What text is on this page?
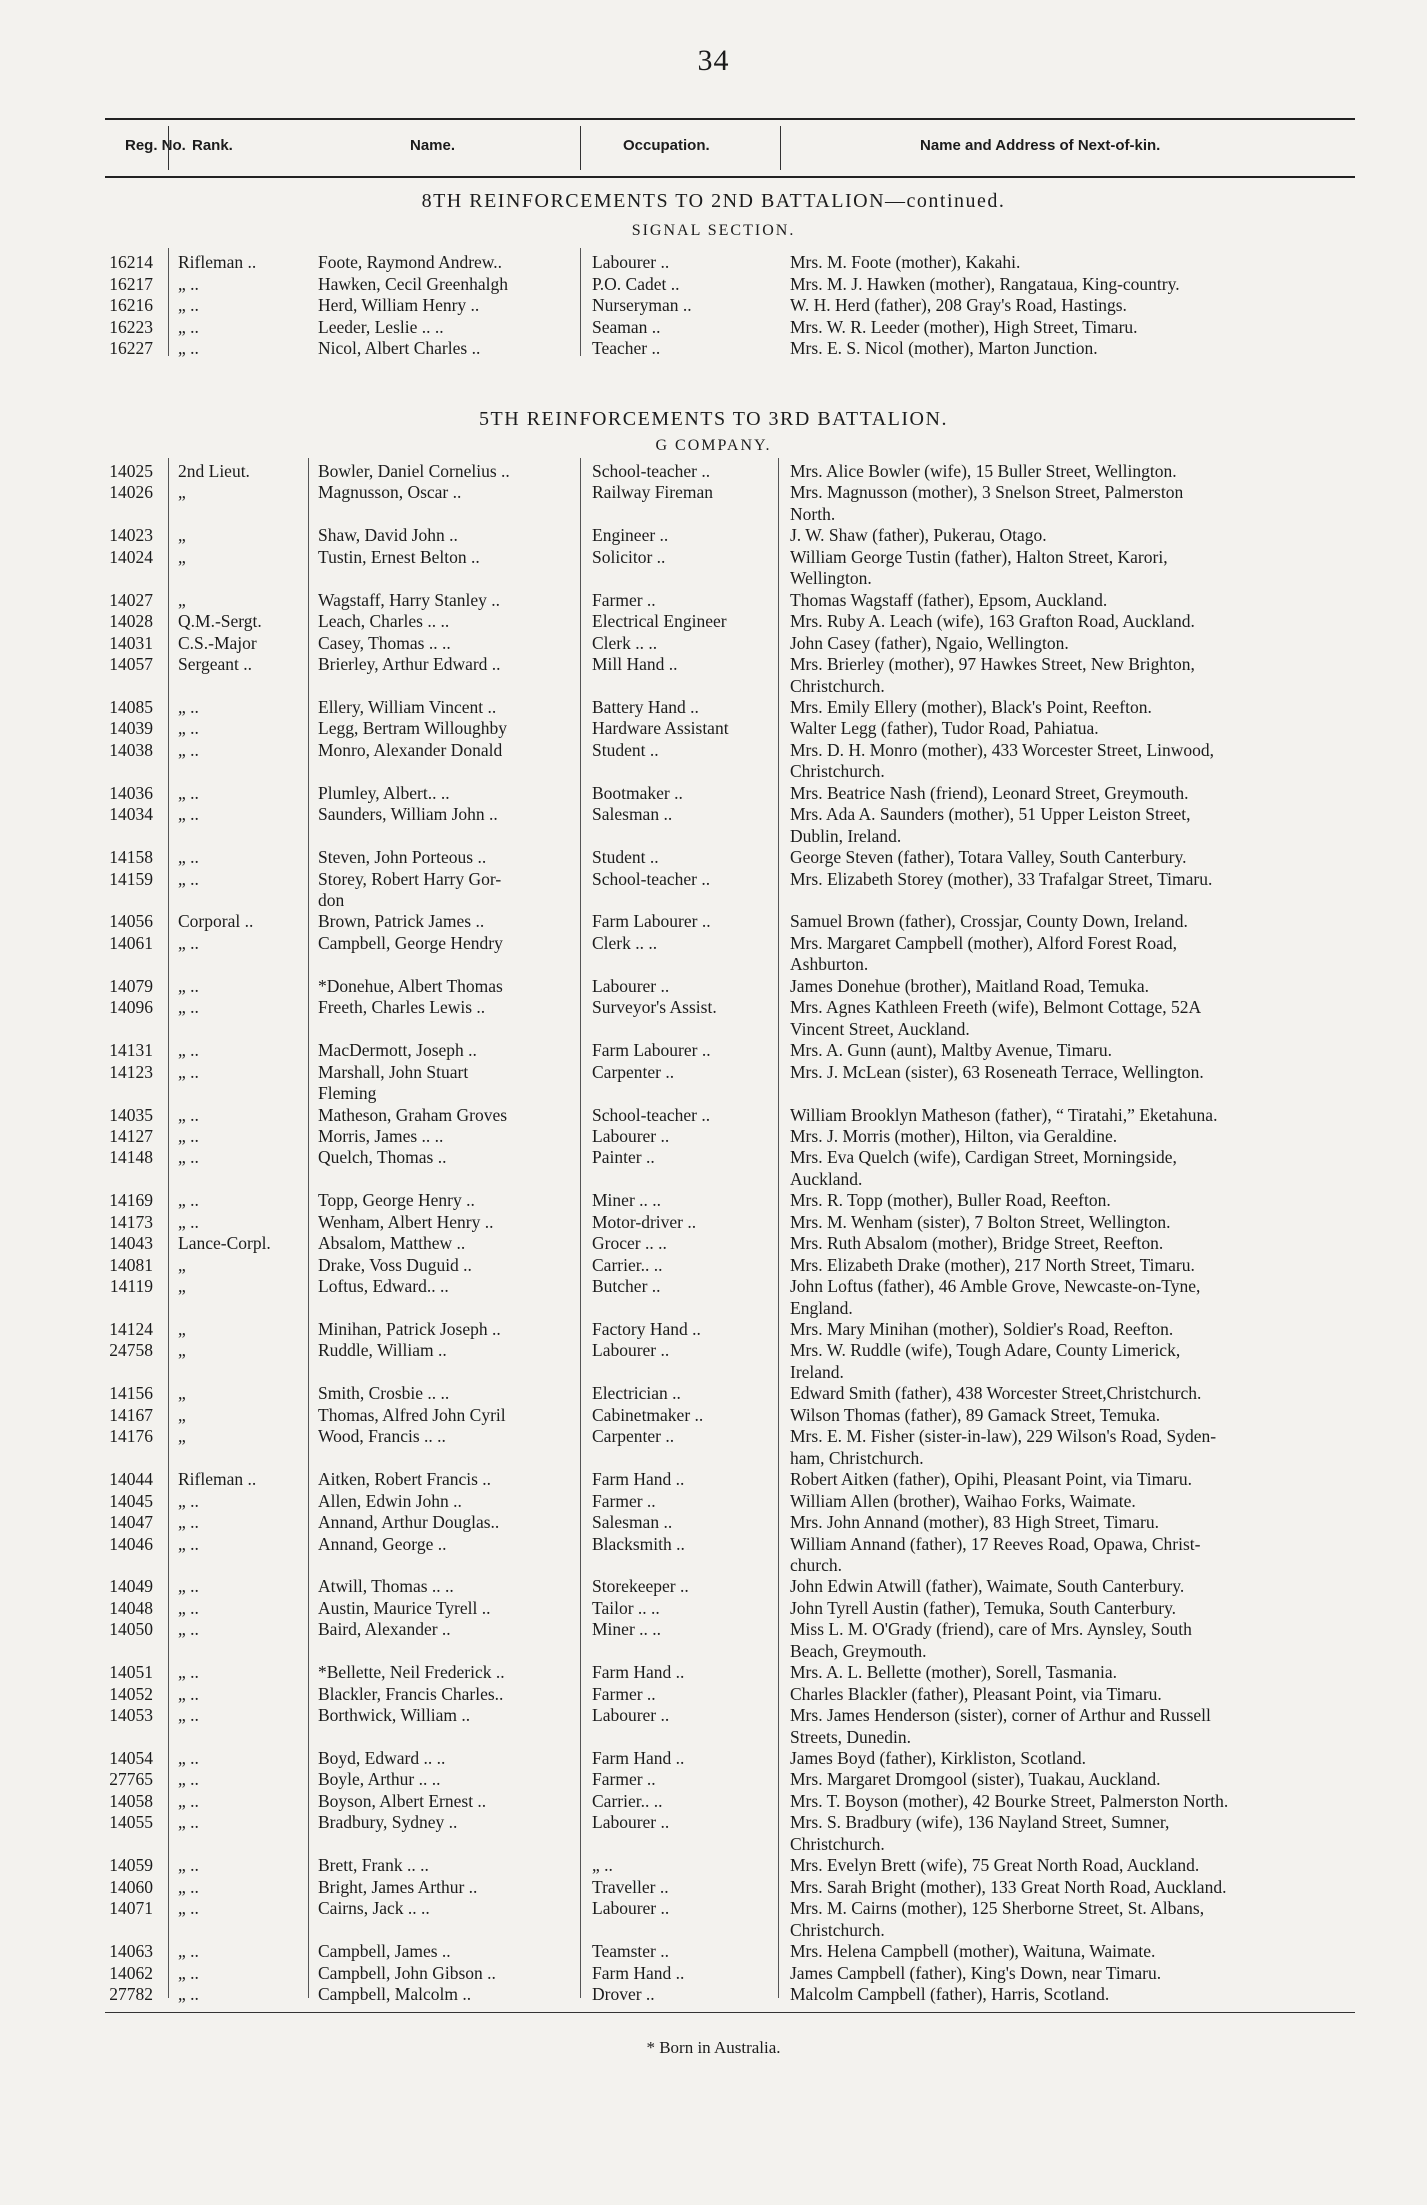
34
Reg. No. Rank.	Name.	Occupation.	Name and Address of Next-of-kin.
8TH REINFORCEMENTS TO 2ND BATTALION—continued.
SIGNAL SECTION.
5TH REINFORCEMENTS TO 3RD BATTALION.
G COMPANY.
16214 Rifleman ..	Foote, Raymond Andrew..	Labourer ..	Mrs. M. Foote (mother), Kakahi.
16217 „ ..	Hawken, Cecil Greenhalgh	P.O. Cadet ..	Mrs. M. J. Hawken (mother), Rangataua, King-country.
16216 „ ..	Herd, William Henry ..	Nurseryman ..	W. H. Herd (father), 208 Gray's Road, Hastings.
16223 „ ..	Leeder, Leslie .. ..	Seaman ..	Mrs. W. R. Leeder (mother), High Street, Timaru.
16227 „ ..	Nicol, Albert Charles ..	Teacher ..	Mrs. E. S. Nicol (mother), Marton Junction.
14025 2nd Lieut.	Bowler, Daniel Cornelius ..	School-teacher ..	Mrs. Alice Bowler (wife), 15 Buller Street, Wellington.
14026 „	Magnusson, Oscar ..	Railway Fireman	Mrs. Magnusson (mother), 3 Snelson Street, Palmerston
North.
14023 „	Shaw, David John ..	Engineer ..	J. W. Shaw (father), Pukerau, Otago.
14024 „	Tustin, Ernest Belton ..	Solicitor ..	William George Tustin (father), Halton Street, Karori,
Wellington.
14027 „	Wagstaff, Harry Stanley ..	Farmer ..	Thomas Wagstaff (father), Epsom, Auckland.
14028 Q.M.-Sergt.	Leach, Charles .. ..	Electrical Engineer	Mrs. Ruby A. Leach (wife), 163 Grafton Road, Auckland.
14031 C.S.-Major	Casey, Thomas .. ..	Clerk .. ..	John Casey (father), Ngaio, Wellington.
14057 Sergeant ..	Brierley, Arthur Edward ..	Mill Hand ..	Mrs. Brierley (mother), 97 Hawkes Street, New Brighton,
Christchurch.
14085 „ ..	Ellery, William Vincent ..	Battery Hand ..	Mrs. Emily Ellery (mother), Black's Point, Reefton.
14039 „ ..	Legg, Bertram Willoughby	Hardware Assistant	Walter Legg (father), Tudor Road, Pahiatua.
14038 „ ..	Monro, Alexander Donald	Student ..	Mrs. D. H. Monro (mother), 433 Worcester Street, Linwood,
Christchurch.
14036 „ ..	Plumley, Albert.. ..	Bootmaker ..	Mrs. Beatrice Nash (friend), Leonard Street, Greymouth.
14034 „ ..	Saunders, William John ..	Salesman ..	Mrs. Ada A. Saunders (mother), 51 Upper Leiston Street,
Dublin, Ireland.
14158 „ ..	Steven, John Porteous ..	Student ..	George Steven (father), Totara Valley, South Canterbury.
14159 „ ..	Storey, Robert Harry Gor-	School-teacher ..	Mrs. Elizabeth Storey (mother), 33 Trafalgar Street, Timaru.
don
14056 Corporal ..	Brown, Patrick James ..	Farm Labourer ..	Samuel Brown (father), Crossjar, County Down, Ireland.
14061 „ ..	Campbell, George Hendry	Clerk .. ..	Mrs. Margaret Campbell (mother), Alford Forest Road,
Ashburton.
14079 „ ..	*Donehue, Albert Thomas	Labourer ..	James Donehue (brother), Maitland Road, Temuka.
14096 „ ..	Freeth, Charles Lewis ..	Surveyor's Assist.	Mrs. Agnes Kathleen Freeth (wife), Belmont Cottage, 52A
Vincent Street, Auckland.
14131 „ ..	MacDermott, Joseph ..	Farm Labourer ..	Mrs. A. Gunn (aunt), Maltby Avenue, Timaru.
14123 „ ..	Marshall, John Stuart	Carpenter ..	Mrs. J. McLean (sister), 63 Roseneath Terrace, Wellington.
Fleming
14035 „ ..	Matheson, Graham Groves	School-teacher ..	William Brooklyn Matheson (father), “ Tiratahi,” Eketahuna.
14127 „ ..	Morris, James .. ..	Labourer ..	Mrs. J. Morris (mother), Hilton, via Geraldine.
14148 „ ..	Quelch, Thomas ..	Painter ..	Mrs. Eva Quelch (wife), Cardigan Street, Morningside,
Auckland.
14169 „ ..	Topp, George Henry ..	Miner .. ..	Mrs. R. Topp (mother), Buller Road, Reefton.
14173 „ ..	Wenham, Albert Henry ..	Motor-driver ..	Mrs. M. Wenham (sister), 7 Bolton Street, Wellington.
14043 Lance-Corpl.	Absalom, Matthew ..	Grocer .. ..	Mrs. Ruth Absalom (mother), Bridge Street, Reefton.
14081 „	Drake, Voss Duguid ..	Carrier.. ..	Mrs. Elizabeth Drake (mother), 217 North Street, Timaru.
14119 „	Loftus, Edward.. ..	Butcher ..	John Loftus (father), 46 Amble Grove, Newcaste-on-Tyne,
England.
14124 „	Minihan, Patrick Joseph ..	Factory Hand ..	Mrs. Mary Minihan (mother), Soldier's Road, Reefton.
24758 „	Ruddle, William ..	Labourer ..	Mrs. W. Ruddle (wife), Tough Adare, County Limerick,
Ireland.
14156 „	Smith, Crosbie .. ..	Electrician ..	Edward Smith (father), 438 Worcester Street,Christchurch.
14167 „	Thomas, Alfred John Cyril	Cabinetmaker ..	Wilson Thomas (father), 89 Gamack Street, Temuka.
14176 „	Wood, Francis .. ..	Carpenter ..	Mrs. E. M. Fisher (sister-in-law), 229 Wilson's Road, Syden-
ham, Christchurch.
14044 Rifleman ..	Aitken, Robert Francis ..	Farm Hand ..	Robert Aitken (father), Opihi, Pleasant Point, via Timaru.
14045 „ ..	Allen, Edwin John ..	Farmer ..	William Allen (brother), Waihao Forks, Waimate.
14047 „ ..	Annand, Arthur Douglas..	Salesman ..	Mrs. John Annand (mother), 83 High Street, Timaru.
14046 „ ..	Annand, George ..	Blacksmith ..	William Annand (father), 17 Reeves Road, Opawa, Christ-
church.
14049 „ ..	Atwill, Thomas .. ..	Storekeeper ..	John Edwin Atwill (father), Waimate, South Canterbury.
14048 „ ..	Austin, Maurice Tyrell ..	Tailor .. ..	John Tyrell Austin (father), Temuka, South Canterbury.
14050 „ ..	Baird, Alexander ..	Miner .. ..	Miss L. M. O'Grady (friend), care of Mrs. Aynsley, South
Beach, Greymouth.
14051 „ ..	*Bellette, Neil Frederick ..	Farm Hand ..	Mrs. A. L. Bellette (mother), Sorell, Tasmania.
14052 „ ..	Blackler, Francis Charles..	Farmer ..	Charles Blackler (father), Pleasant Point, via Timaru.
14053 „ ..	Borthwick, William ..	Labourer ..	Mrs. James Henderson (sister), corner of Arthur and Russell
Streets, Dunedin.
14054 „ ..	Boyd, Edward .. ..	Farm Hand ..	James Boyd (father), Kirkliston, Scotland.
27765 „ ..	Boyle, Arthur .. ..	Farmer ..	Mrs. Margaret Dromgool (sister), Tuakau, Auckland.
14058 „ ..	Boyson, Albert Ernest ..	Carrier.. ..	Mrs. T. Boyson (mother), 42 Bourke Street, Palmerston North.
14055 „ ..	Bradbury, Sydney ..	Labourer ..	Mrs. S. Bradbury (wife), 136 Nayland Street, Sumner,
Christchurch.
14059 „ ..	Brett, Frank .. ..	„ ..	Mrs. Evelyn Brett (wife), 75 Great North Road, Auckland.
14060 „ ..	Bright, James Arthur ..	Traveller ..	Mrs. Sarah Bright (mother), 133 Great North Road, Auckland.
14071 „ ..	Cairns, Jack .. ..	Labourer ..	Mrs. M. Cairns (mother), 125 Sherborne Street, St. Albans,
Christchurch.
14063 „ ..	Campbell, James ..	Teamster ..	Mrs. Helena Campbell (mother), Waituna, Waimate.
14062 „ ..	Campbell, John Gibson ..	Farm Hand ..	James Campbell (father), King's Down, near Timaru.
27782 „ ..	Campbell, Malcolm ..	Drover ..	Malcolm Campbell (father), Harris, Scotland.
* Born in Australia.
